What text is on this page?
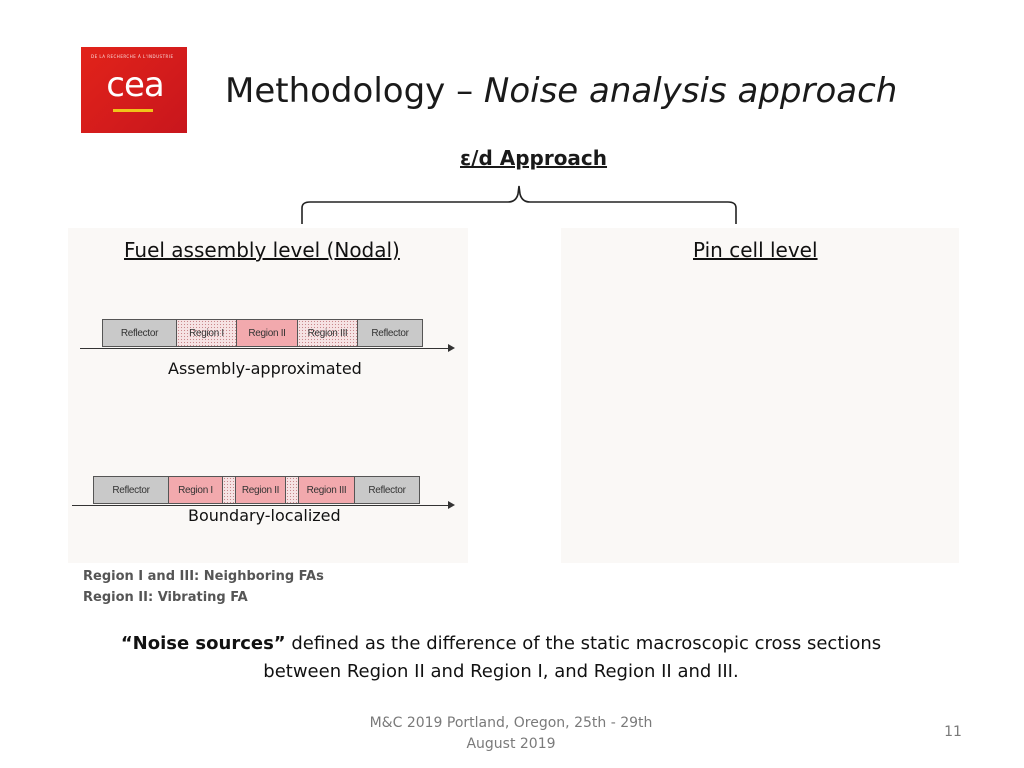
DE LA RECHERCHE À L'INDUSTRIE
cea	Methodology – Noise analysis approach
ε/d Approach
Fuel assembly level (Nodal)
Reflector	Region I	Region II	Region III	Reflector
Assembly-approximated
Reflector	Region I	Region II	Region III	Reflector
Boundary-localized
Pin cell level
Region I and III: Neighboring FAs
Region II: Vibrating FA
“Noise sources” defined as the difference of the static macroscopic cross sections
between Region II and Region I, and Region II and III.
M&C 2019 Portland, Oregon, 25th - 29th
August 2019
11
